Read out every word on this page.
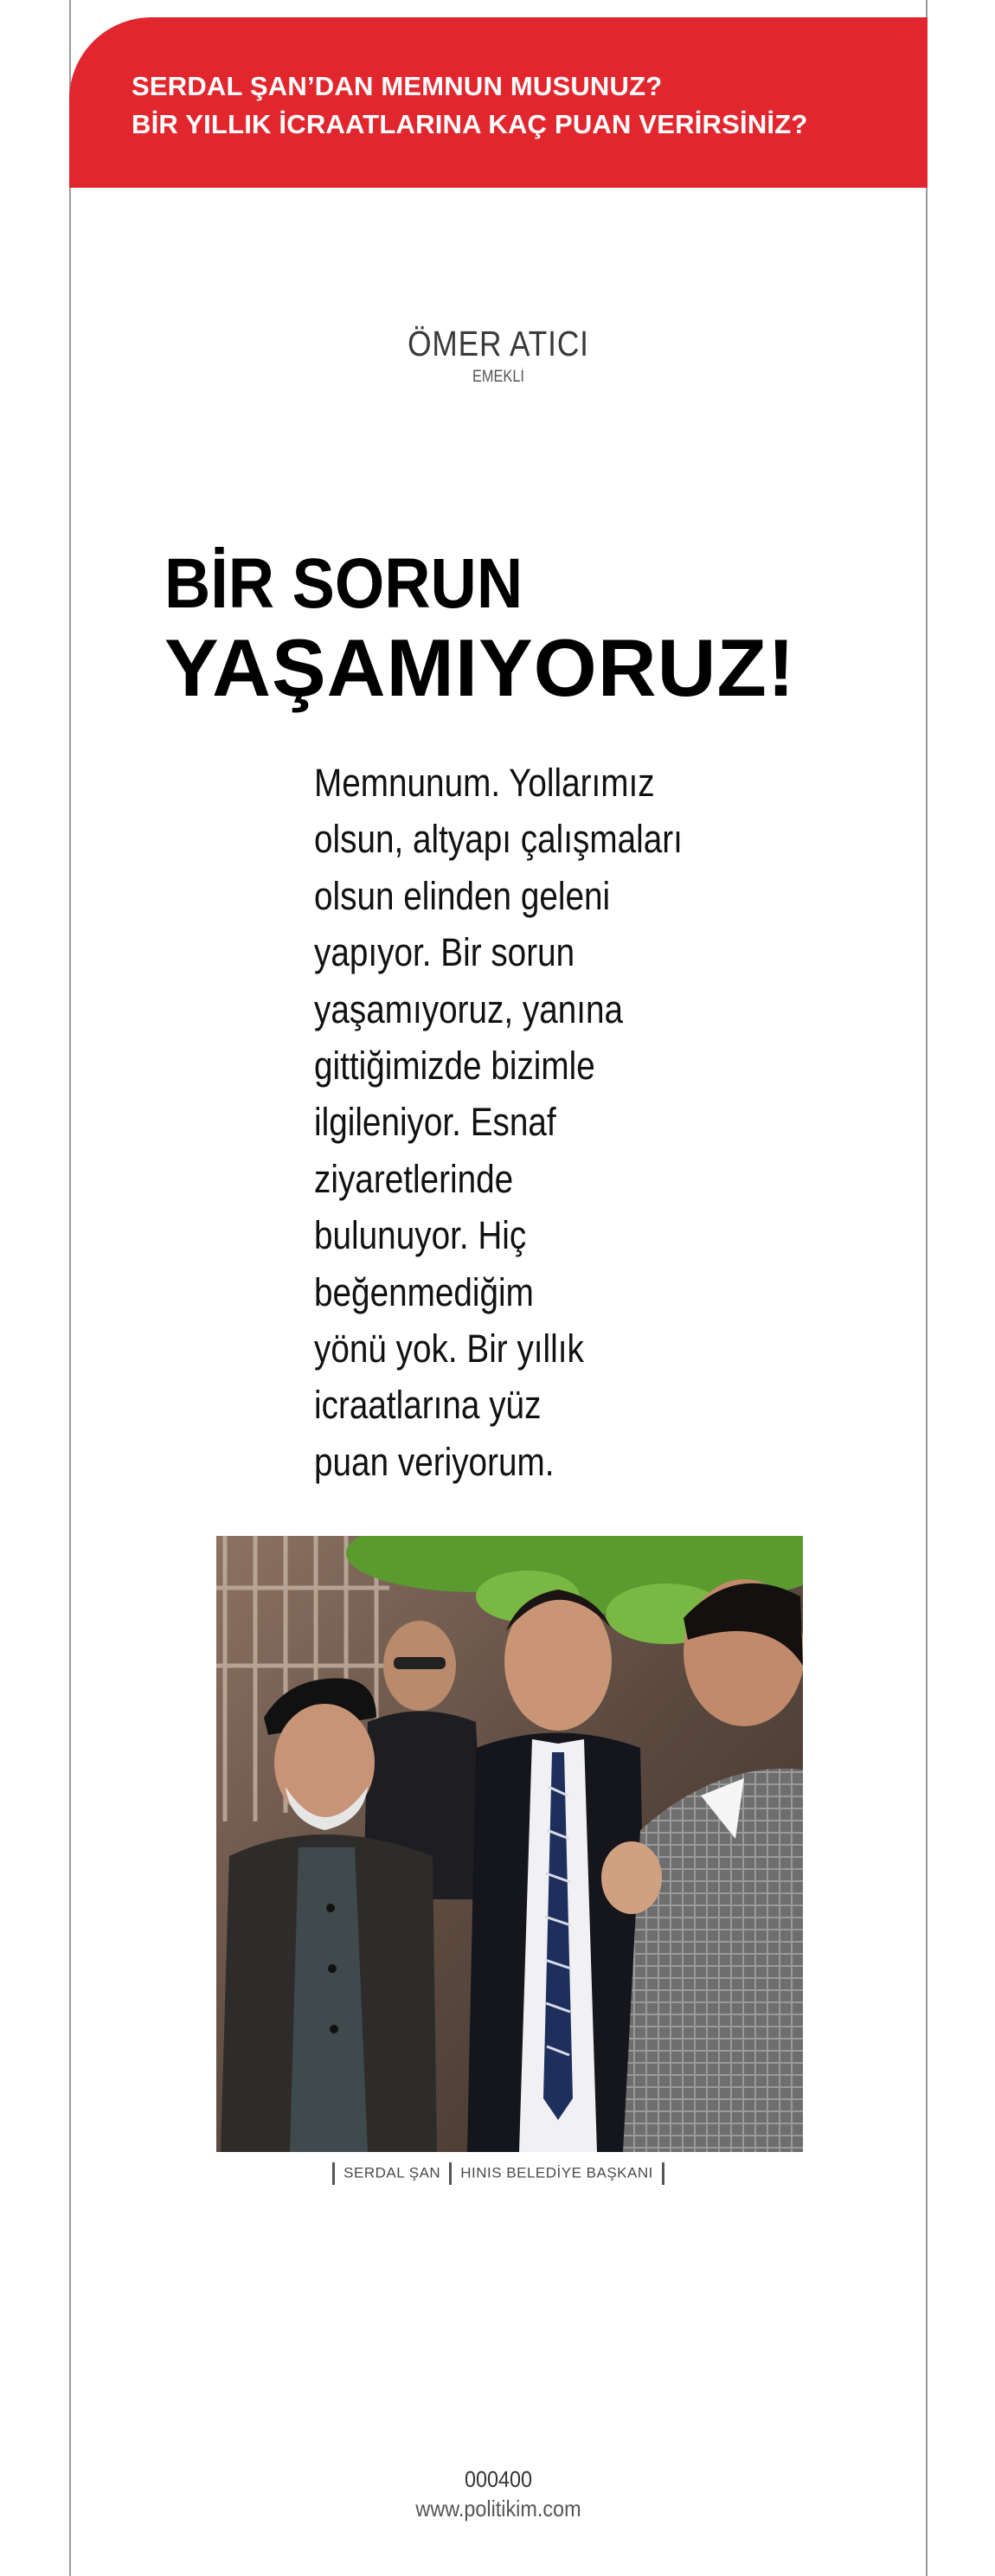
SERDAL ŞAN’DAN MEMNUN MUSUNUZ?
BİR YILLIK İCRAATLARINA KAÇ PUAN VERİRSİNİZ?
ÖMER ATICI
EMEKLİ
BİR SORUN
YAŞAMIYORUZ!
Memnunum. Yollarımız
olsun, altyapı çalışmaları
olsun elinden geleni
yapıyor. Bir sorun
yaşamıyoruz, yanına
gittiğimizde bizimle
ilgileniyor. Esnaf
ziyaretlerinde
bulunuyor. Hiç
beğenmediğim
yönü yok. Bir yıllık
icraatlarına yüz
puan veriyorum.
SERDAL ŞAN HINIS BELEDİYE BAŞKANI
000400
www.politikim.com
